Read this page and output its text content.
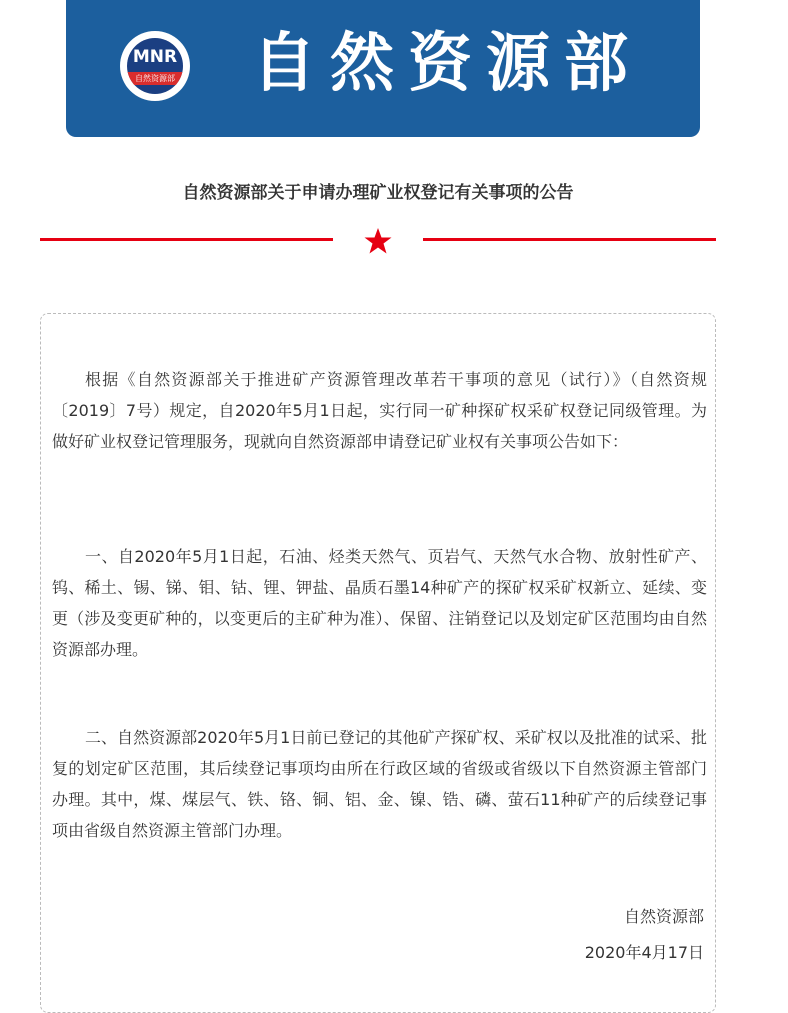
MNR
自然资源部 自然资源部
自然资源部关于申请办理矿业权登记有关事项的公告

根据《自然资源部关于推进矿产资源管理改革若干事项的意见（试行）》（自然资规〔2019〕7号）规定，自2020年5月1日起，实行同一矿种探矿权采矿权登记同级管理。为做好矿业权登记管理服务，现就向自然资源部申请登记矿业权有关事项公告如下：

一、自2020年5月1日起，石油、烃类天然气、页岩气、天然气水合物、放射性矿产、钨、稀土、锡、锑、钼、钴、锂、钾盐、晶质石墨14种矿产的探矿权采矿权新立、延续、变更（涉及变更矿种的，以变更后的主矿种为准）、保留、注销登记以及划定矿区范围均由自然资源部办理。

二、自然资源部2020年5月1日前已登记的其他矿产探矿权、采矿权以及批准的试采、批复的划定矿区范围，其后续登记事项均由所在行政区域的省级或省级以下自然资源主管部门办理。其中，煤、煤层气、铁、铬、铜、铝、金、镍、锆、磷、萤石11种矿产的后续登记事项由省级自然资源主管部门办理。

自然资源部
2020年4月17日
